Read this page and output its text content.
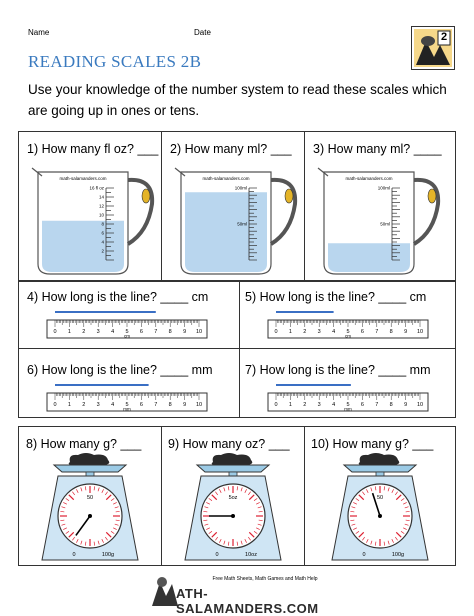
Name	Date
READING SCALES 2B
2
Use your knowledge of the number system to read these scales which are going up in ones or tens.
1) How many fl oz? ___ 2) How many ml? ___ 3) How many ml? ____
math-salamanders.com
16 fl oz
14
12
10
8
6
4
2
math-salamanders.com
100ml
50ml
math-salamanders.com
100ml
50ml
4) How long is the line? ____ cm	5) How long is the line? ____ cm
6) How long is the line? ____ mm	7) How long is the line? ____ mm
0 1 2 3 4 5 6 7 8 9 10
cm
0 1 2 3 4 5 6 7 8 9 10
cm
0 1 2 3 4 5 6 7 8 9 10
mm
0 1 2 3 4 5 6 7 8 9 10
mm
8) How many g? ___ 9) How many oz? ___ 10) How many g? ___
50
0	100g
5oz
0	10oz
50
0	100g
Free Math Sheets, Math Games and Math Help
ATH-SALAMANDERS.COM
